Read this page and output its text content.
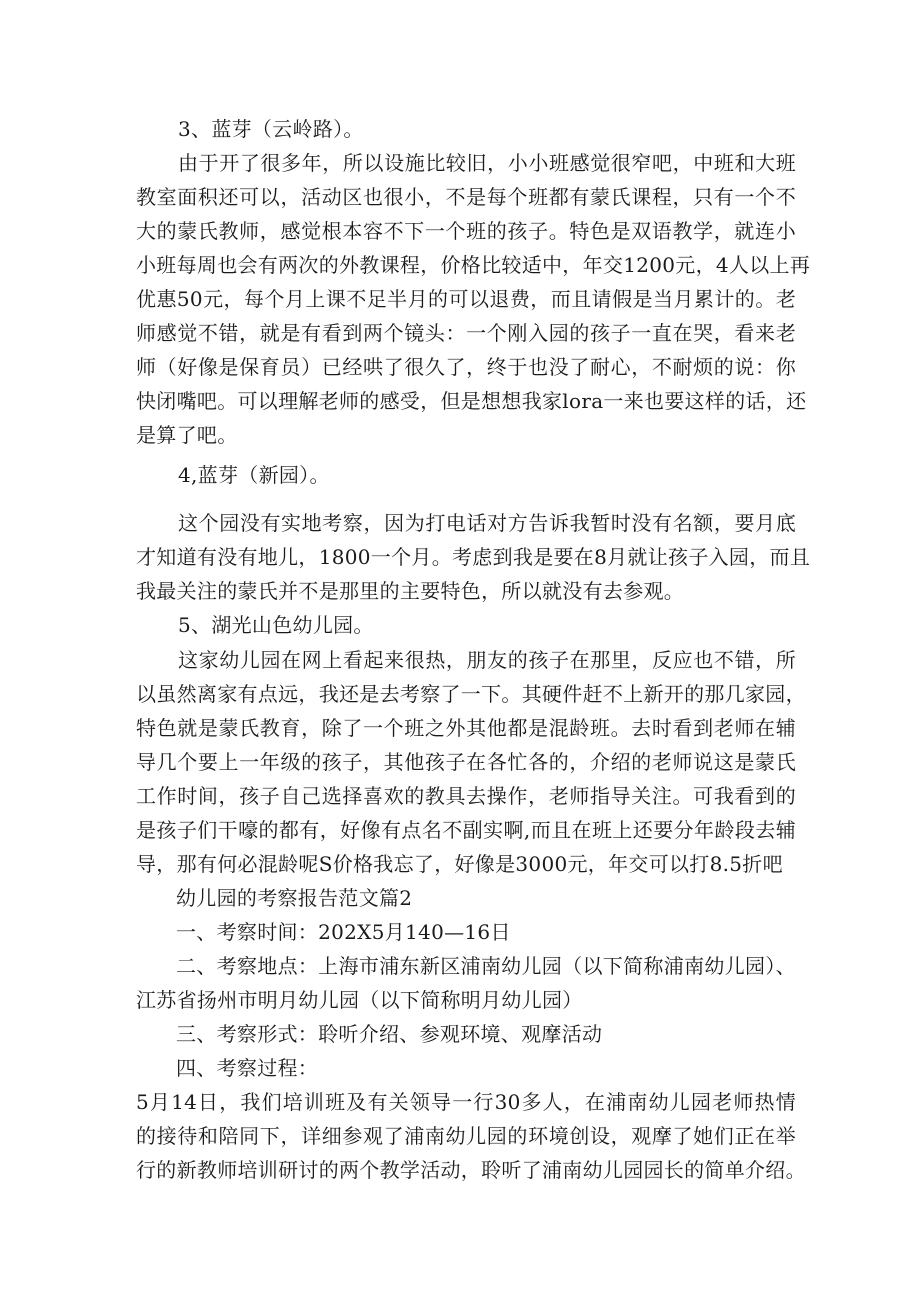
3、蓝芽（云岭路）。
由于开了很多年，所以设施比较旧，小小班感觉很窄吧，中班和大班
教室面积还可以，活动区也很小，不是每个班都有蒙氏课程，只有一个不
大的蒙氏教师，感觉根本容不下一个班的孩子。特色是双语教学，就连小
小班每周也会有两次的外教课程，价格比较适中，年交1200元，4人以上再
优惠50元，每个月上课不足半月的可以退费，而且请假是当月累计的。老
师感觉不错，就是有看到两个镜头：一个刚入园的孩子一直在哭，看来老
师（好像是保育员）已经哄了很久了，终于也没了耐心，不耐烦的说：你
快闭嘴吧。可以理解老师的感受，但是想想我家lora一来也要这样的话，还
是算了吧。
4,蓝芽（新园）。
这个园没有实地考察，因为打电话对方告诉我暂时没有名额，要月底
才知道有没有地儿，1800一个月。考虑到我是要在8月就让孩子入园，而且
我最关注的蒙氏并不是那里的主要特色，所以就没有去参观。
5、湖光山色幼儿园。
这家幼儿园在网上看起来很热，朋友的孩子在那里，反应也不错，所
以虽然离家有点远，我还是去考察了一下。其硬件赶不上新开的那几家园，
特色就是蒙氏教育，除了一个班之外其他都是混龄班。去时看到老师在辅
导几个要上一年级的孩子，其他孩子在各忙各的，介绍的老师说这是蒙氏
工作时间，孩子自己选择喜欢的教具去操作，老师指导关注。可我看到的
是孩子们干嚎的都有，好像有点名不副实啊,而且在班上还要分年龄段去辅
导，那有何必混龄呢S价格我忘了，好像是3000元，年交可以打8.5折吧
幼儿园的考察报告范文篇2
一、考察时间：202X5月140—16日
二、考察地点：上海市浦东新区浦南幼儿园（以下简称浦南幼儿园）、
江苏省扬州市明月幼儿园（以下简称明月幼儿园）
三、考察形式：聆听介绍、参观环境、观摩活动
四、考察过程：
5月14日，我们培训班及有关领导一行30多人，在浦南幼儿园老师热情
的接待和陪同下，详细参观了浦南幼儿园的环境创设，观摩了她们正在举
行的新教师培训研讨的两个教学活动，聆听了浦南幼儿园园长的简单介绍。
